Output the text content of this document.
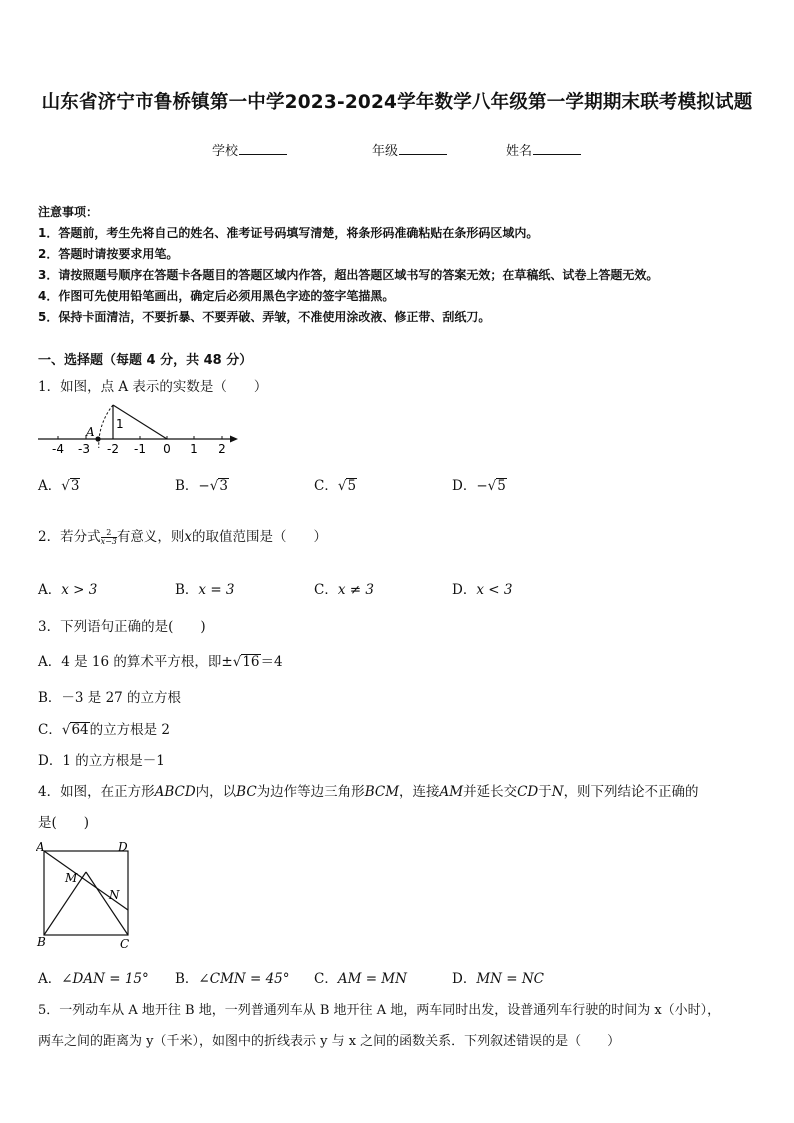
山东省济宁市鲁桥镇第一中学2023-2024学年数学八年级第一学期期末联考模拟试题
学校	年级	姓名
注意事项：
1．答题前，考生先将自己的姓名、准考证号码填写清楚，将条形码准确粘贴在条形码区域内。
2．答题时请按要求用笔。
3．请按照题号顺序在答题卡各题目的答题区域内作答，超出答题区域书写的答案无效；在草稿纸、试卷上答题无效。
4．作图可先使用铅笔画出，确定后必须用黑色字迹的签字笔描黑。
5．保持卡面清洁，不要折暴、不要弄破、弄皱，不准使用涂改液、修正带、刮纸刀。
一、选择题（每题 4 分，共 48 分）
1．如图，点 A 表示的实数是（　　）
A
1
-4 -3 -2 -1 0 1 2
A．√3	B．−√3	C．√5	D．−√5
2．若分式 $\frac{2}{x-3}$ 有意义，则x的取值范围是（　　）
A．x > 3	B．x = 3	C．x ≠ 3	D．x < 3
3．下列语句正确的是(　　)
A．4 是 16 的算术平方根，即±√16＝4
B．－3 是 27 的立方根
C．√64的立方根是 2
D．1 的立方根是－1
4．如图，在正方形ABCD内，以BC为边作等边三角形BCM，连接AM并延长交CD于N，则下列结论不正确的
是(　　)
A	D
B	C
M
N
A．∠DAN = 15° B．∠CMN = 45° C．AM = MN	D．MN = NC
5．一列动车从 A 地开往 B 地，一列普通列车从 B 地开往 A 地，两车同时出发，设普通列车行驶的时间为 x（小时），
两车之间的距离为 y（千米），如图中的折线表示 y 与 x 之间的函数关系．下列叙述错误的是（　　）
